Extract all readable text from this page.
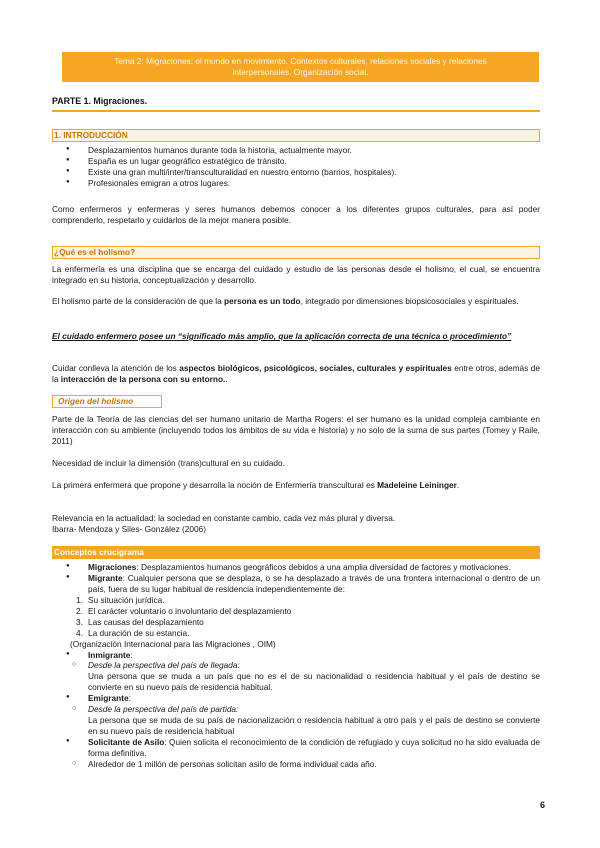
Tema 2: Migraciones: el mundo en movimiento. Contextos culturales, relaciones sociales y relaciones
interpersonales. Organización social.
PARTE 1. Migraciones.
1. INTRODUCCIÓN
● Desplazamientos humanos durante toda la historia, actualmente mayor.
● España es un lugar geográfico estratégico de tránsito.
● Existe una gran multi/inter/transculturalidad en nuestro entorno (barrios, hospitales).
● Profesionales emigran a otros lugares.
Como enfermeros y enfermeras y seres humanos debemos conocer a los diferentes grupos culturales, para así poder comprenderlo, respetarlo y cuidarlos de la mejor manera posible.
¿Qué es el holismo?
La enfermería es una disciplina que se encarga del cuidado y estudio de las personas desde el holismo, el cual, se encuentra integrado en su historia, conceptualización y desarrollo.
El holismo parte de la consideración de que la persona es un todo, integrado por dimensiones biopsicosociales y espirituales.
El cuidado enfermero posee un “significado más amplio, que la aplicación correcta de una técnica o procedimiento”
Cuidar conlleva la atención de los aspectos biológicos, psicológicos, sociales, culturales y espirituales entre otros, además de la interacción de la persona con su entorno..
Origen del holismo
Parte de la Teoría de las ciencias del ser humano unitario de Martha Rogers: el ser humano es la unidad compleja cambiante en interacción con su ambiente (incluyendo todos los ámbitos de su vida e historia) y no solo de la suma de sus partes (Tomey y Raile, 2011)
Necesidad de incluir la dimensión (trans)cultural en su cuidado.
La primera enfermera que propone y desarrolla la noción de Enfermería transcultural es Madeleine Leininger.
Relevancia en la actualidad: la sociedad en constante cambio, cada vez más plural y diversa.
Ibarra- Mendoza y Siles- González (2006)
Conceptos crucigrama
● Migraciones: Desplazamientos humanos geográficos debidos a una amplia diversidad de factores y motivaciones.
● Migrante: Cualquier persona que se desplaza, o se ha desplazado a través de una frontera internacional o dentro de un país, fuera de su lugar habitual de residencia independientemente de:
1. Su situación jurídica.
2. El carácter voluntario o involuntario del desplazamiento
3. Las causas del desplazamiento
4. La duración de su estancia.
(Organización Internacional para las Migraciones , OIM)
● Inmigrante:
○ Desde la perspectiva del país de llegada:
Una persona que se muda a un país que no es el de su nacionalidad o residencia habitual y el país de destino se convierte en su nuevo país de residencia habitual.
● Emigrante:
○ Desde la perspectiva del país de partida:
La persona que se muda de su país de nacionalización o residencia habitual a otro país y el país de destino se convierte en su nuevo país de residencia habitual
● Solicitante de Asilo: Quien solicita el reconocimiento de la condición de refugiado y cuya solicitud no ha sido evaluada de forma definitiva.
○ Alrededor de 1 millón de personas solicitan asilo de forma individual cada año.
6
